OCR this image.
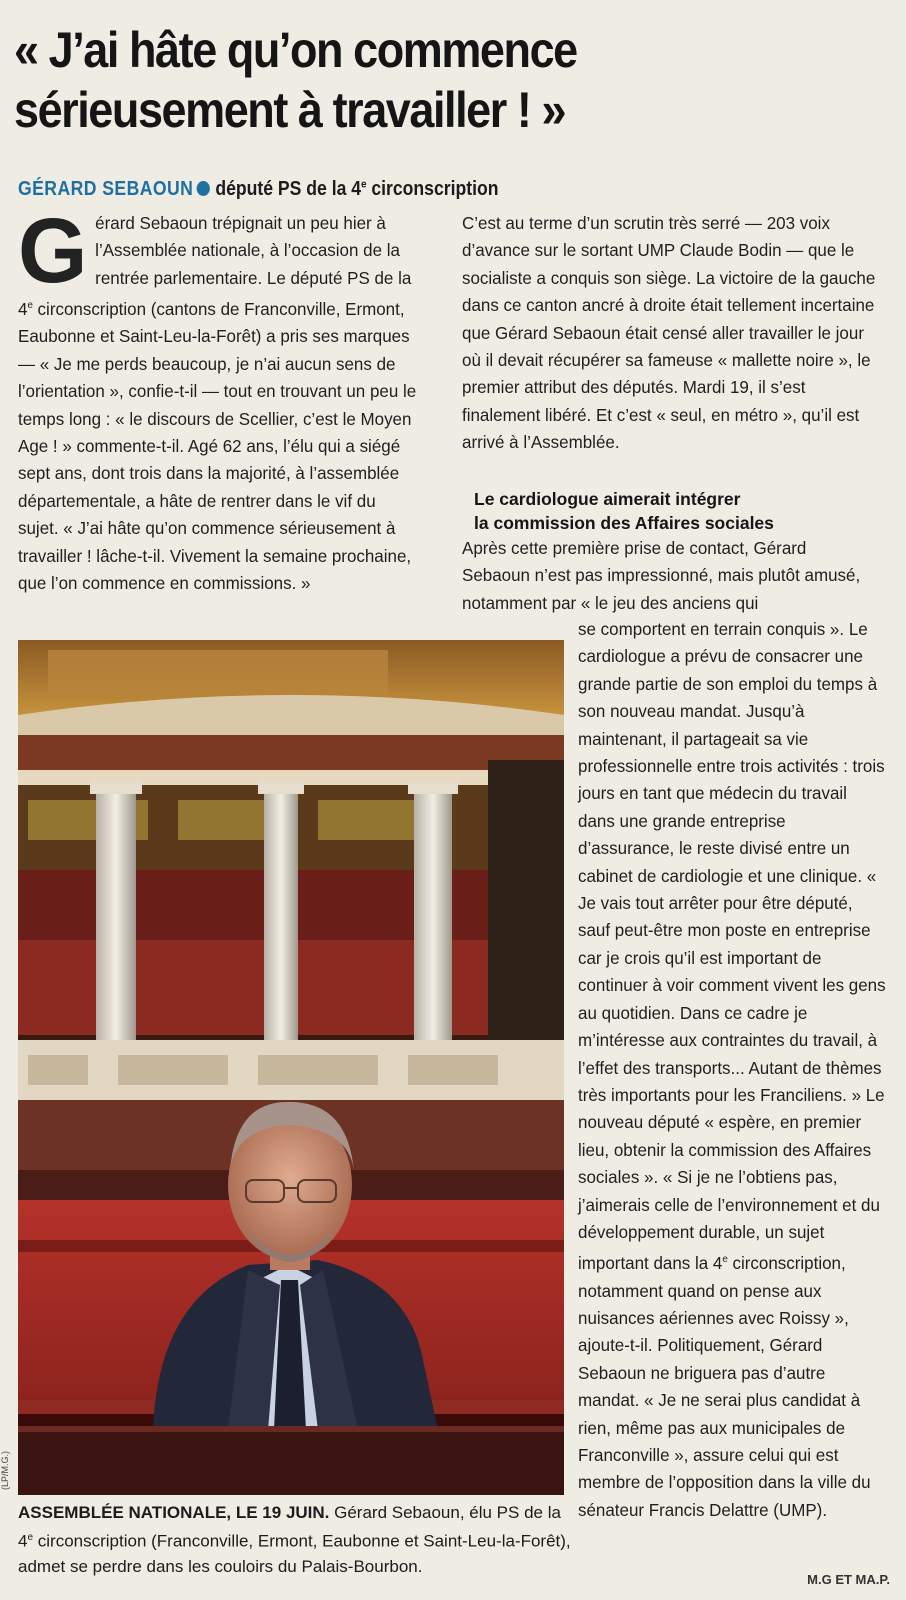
« J’ai hâte qu’on commence
sérieusement à travailler ! »
GÉRARD SEBAOUN député PS de la 4e circonscription

Gérard Sebaoun trépignait un peu hier à l’Assemblée nationale, à l’occasion de la rentrée parlementaire. Le député PS de la 4e circonscription (cantons de Franconville, Ermont, Eaubonne et Saint-Leu-la-Forêt) a pris ses marques — « Je me perds beaucoup, je n’ai aucun sens de l’orientation », confie-t-il — tout en trouvant un peu le temps long : « le discours de Scellier, c’est le Moyen Age ! » commente-t-il. Agé 62 ans, l’élu qui a siégé sept ans, dont trois dans la majorité, à l’assemblée départementale, a hâte de rentrer dans le vif du sujet. « J’ai hâte qu’on commence sérieusement à travailler ! lâche-t-il. Vivement la semaine prochaine, que l’on commence en commissions. »

C’est au terme d’un scrutin très serré — 203 voix d’avance sur le sortant UMP Claude Bodin — que le socialiste a conquis son siège. La victoire de la gauche dans ce canton ancré à droite était tellement incertaine que Gérard Sebaoun était censé aller travailler le jour où il devait récupérer sa fameuse « mallette noire », le premier attribut des députés. Mardi 19, il s’est finalement libéré. Et c’est « seul, en métro », qu’il est arrivé à l’Assemblée.

Le cardiologue aimerait intégrer
la commission des Affaires sociales

Après cette première prise de contact, Gérard Sebaoun n’est pas impressionné, mais plutôt amusé, notamment par « le jeu des anciens qui

se comportent en terrain conquis ». Le cardiologue a prévu de consacrer une grande partie de son emploi du temps à son nouveau mandat. Jusqu’à maintenant, il partageait sa vie professionnelle entre trois activités : trois jours en tant que médecin du travail dans une grande entreprise d’assurance, le reste divisé entre un cabinet de cardiologie et une clinique. « Je vais tout arrêter pour être député, sauf peut-être mon poste en entreprise car je crois qu’il est important de continuer à voir comment vivent les gens au quotidien. Dans ce cadre je m’intéresse aux contraintes du travail, à l’effet des transports... Autant de thèmes très importants pour les Franciliens. » Le nouveau député « espère, en premier lieu, obtenir la commission des Affaires sociales ». « Si je ne l’obtiens pas, j’aimerais celle de l’environnement et du développement durable, un sujet important dans la 4e circonscription, notamment quand on pense aux nuisances aériennes avec Roissy », ajoute-t-il. Politiquement, Gérard Sebaoun ne briguera pas d’autre mandat. « Je ne serai plus candidat à rien, même pas aux municipales de Franconville », assure celui qui est membre de l’opposition dans la ville du sénateur Francis Delattre (UMP).

(LP/M.G.)
ASSEMBLÉE NATIONALE, LE 19 JUIN. Gérard Sebaoun, élu PS de la 4e circonscription (Franconville, Ermont, Eaubonne et Saint-Leu-la-Forêt), admet se perdre dans les couloirs du Palais-Bourbon.
M.G ET MA.P.
